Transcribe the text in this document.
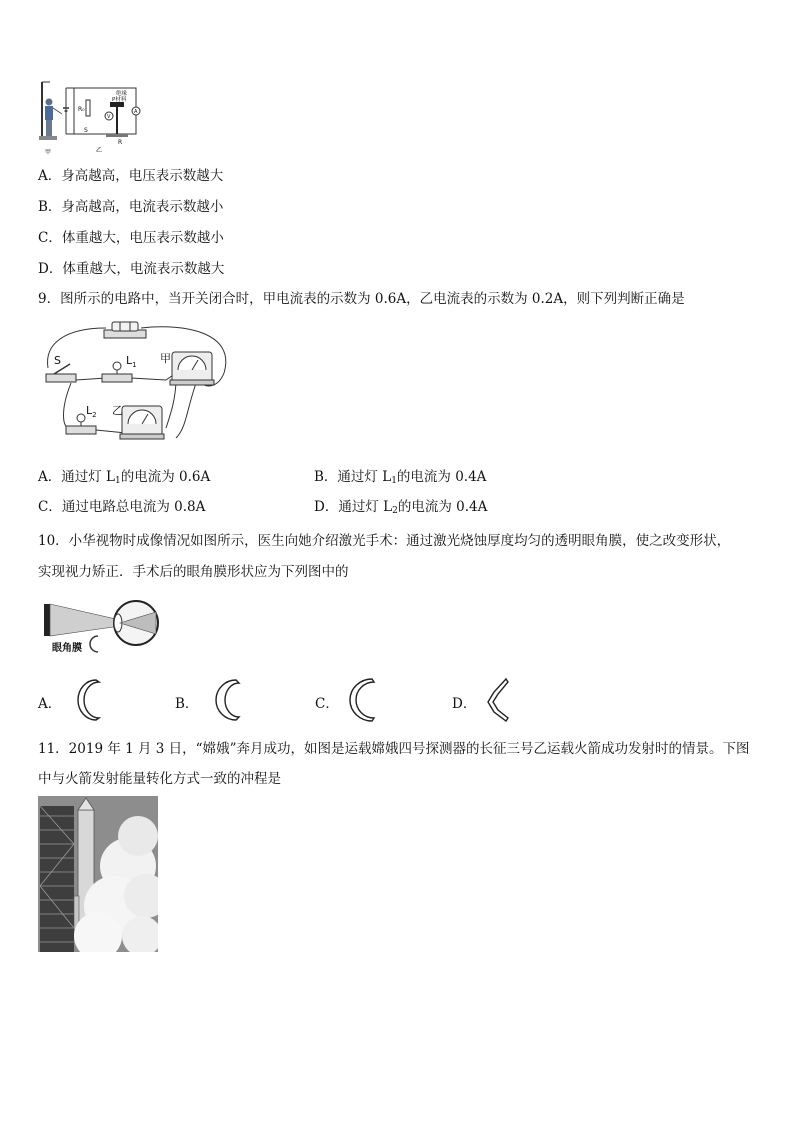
绝缘
P材料
R₀
V
A
S
R
甲	乙
A．身高越高，电压表示数越大
B．身高越高，电流表示数越小
C．体重越大，电压表示数越小
D．体重越大，电流表示数越大
9．图所示的电路中，当开关闭合时，甲电流表的示数为 0.6A，乙电流表的示数为 0.2A，则下列判断正确是
S	$L_1$ 甲
$L_2$ 乙
A．通过灯 $L_1$的电流为 0.6A	B．通过灯 $L_1$的电流为 0.4A
C．通过电路总电流为 0.8A	D．通过灯 $L_2$的电流为 0.4A
10．小华视物时成像情况如图所示，医生向她介绍激光手术：通过激光烧蚀厚度均匀的透明眼角膜，使之改变形状，
实现视力矫正．手术后的眼角膜形状应为下列图中的
眼角膜
A．	B．	C．	D．
11．2019 年 1 月 3 日，“嫦娥”奔月成功，如图是运载嫦娥四号探测器的长征三号乙运载火箭成功发射时的情景。下图
中与火箭发射能量转化方式一致的冲程是
